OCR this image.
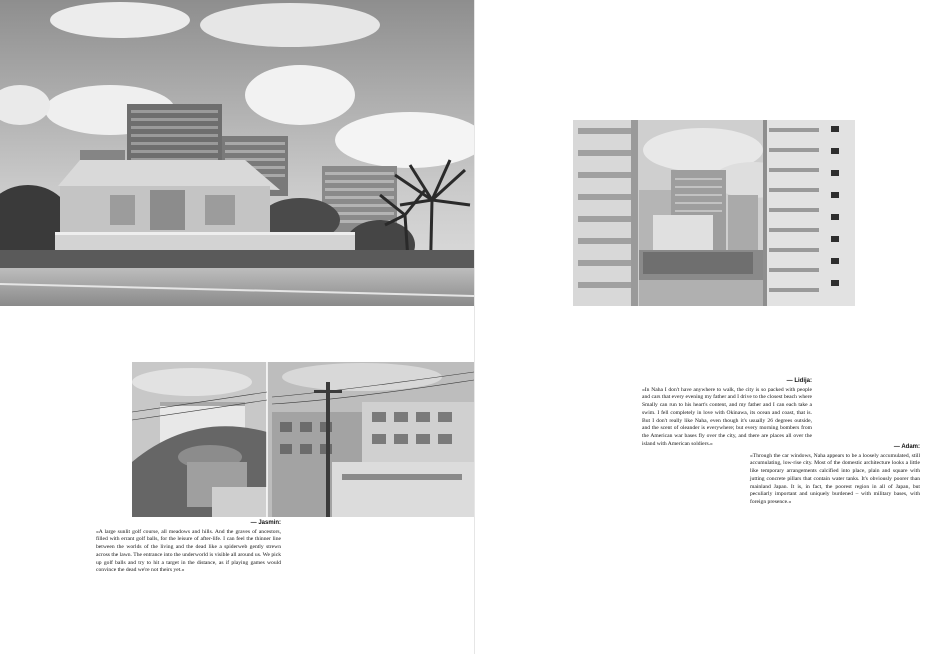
— Jasmin:

«A large sunlit golf course, all meadows and hills. And the graves of ancestors, filled with errant golf balls, for the leisure of after-life. I can feel the thinner line between the worlds of the living and the dead like a spiderweb gently strewn across the lawn. The entrance into the underworld is visible all around us. We pick up golf balls and try to hit a target in the distance, as if playing games would convince the dead we're not theirs yet.»

— Lidija:

«In Naha I don't have anywhere to walk, the city is so packed with people and cars that every evening my father and I drive to the closest beach where Smally can run to his heart's content, and my father and I can each take a swim. I fell completely in love with Okinawa, its ocean and coast, that is. But I don't really like Naha, even though it's usually 26 degrees outside, and the scent of oleander is everywhere; but every morning bombers from the American war bases fly over the city, and there are places all over the island with American soldiers.»

— Adam:

«Through the car windows, Naha appears to be a loosely accumulated, still accumulating, low-rise city. Most of the domestic architecture looks a little like temporary arrangements calcified into place, plain and square with jutting concrete pillars that contain water tanks. It's obviously poorer than mainland Japan. It is, in fact, the poorest region in all of Japan, but peculiarly important and uniquely burdened – with military bases, with foreign presence.»
